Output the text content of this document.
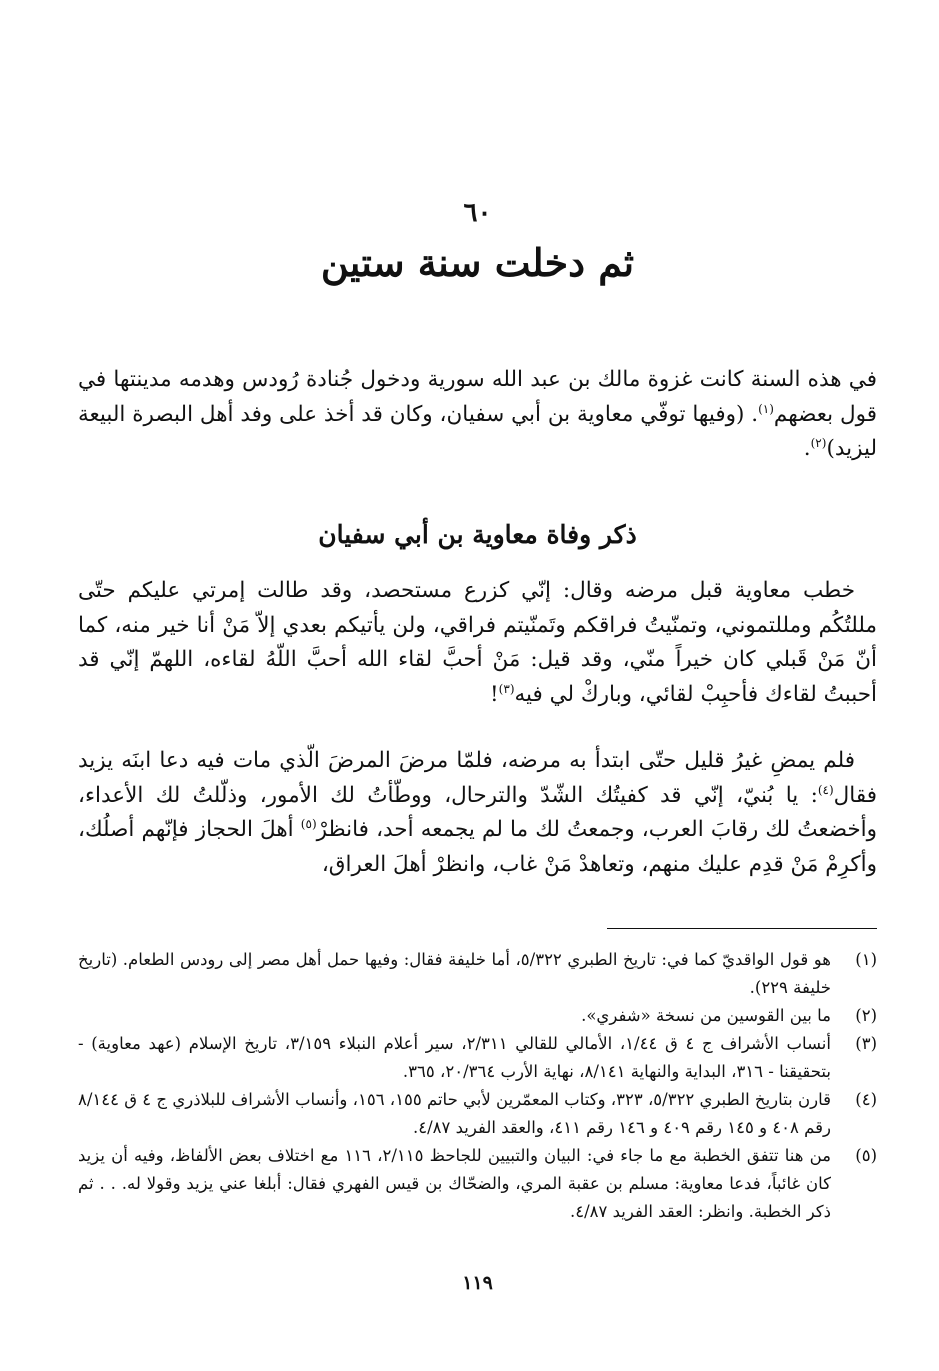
٦٠
ثم دخلت سنة ستين

في هذه السنة كانت غزوة مالك بن عبد الله سورية ودخول جُنادة رُودس وهدمه مدينتها في قول بعضهم$^{(١)}$. (وفيها توفّي معاوية بن أبي سفيان، وكان قد أخذ على وفد أهل البصرة البيعة ليزيد)$^{(٢)}$.

ذكر وفاة معاوية بن أبي سفيان

خطب معاوية قبل مرضه وقال: إنّي كزرع مستحصد، وقد طالت إمرتي عليكم حتّى مللتُكُم ومللتموني، وتمنّيتُ فراقكم وتَمنّيتم فراقي، ولن يأتيكم بعدي إلاّ مَنْ أنا خير منه، كما أنّ مَنْ قَبلي كان خيراً منّي، وقد قيل: مَنْ أحبَّ لقاء الله أحبَّ اللّهُ لقاءه، اللهمّ إنّي قد أحببتُ لقاءك فأحبِبْ لقائي، وباركْ لي فيه$^{(٣)}$!

فلم يمضِ غيرُ قليل حتّى ابتدأ به مرضه، فلمّا مرضَ المرضَ الّذي مات فيه دعا ابنَه يزيد فقال$^{(٤)}$: يا بُنيّ، إنّي قد كفيتُك الشّدّ والترحال، ووطّأتُ لك الأمور، وذلّلتُ لك الأعداء، وأخضعتُ لك رقابَ العرب، وجمعتُ لك ما لم يجمعه أحد، فانظرْ$^{(٥)}$ أهلَ الحجاز فإنّهم أصلُك، وأكرِمْ مَنْ قدِم عليك منهم، وتعاهدْ مَنْ غاب، وانظرْ أهلَ العراق،

(١)
هو قول الواقديّ كما في: تاريخ الطبري ٥/٣٢٢، أما خليفة فقال: وفيها حمل أهل مصر إلى رودس الطعام. (تاريخ خليفة ٢٢٩).
(٢)
ما بين القوسين من نسخة «شفري».
(٣)
أنساب الأشراف ج ٤ ق ١/٤٤، الأمالي للقالي ٢/٣١١، سير أعلام النبلاء ٣/١٥٩، تاريخ الإسلام (عهد معاوية) - بتحقيقنا - ٣١٦، البداية والنهاية ٨/١٤١، نهاية الأرب ٢٠/٣٦٤، ٣٦٥.
(٤)
قارن بتاريخ الطبري ٥/٣٢٢، ٣٢٣، وكتاب المعمّرين لأبي حاتم ١٥٥، ١٥٦، وأنساب الأشراف للبلاذري ج ٤ ق ٨/١٤٤ رقم ٤٠٨ و ١٤٥ رقم ٤٠٩ و ١٤٦ رقم ٤١١، والعقد الفريد ٤/٨٧.
(٥)
من هنا تتفق الخطبة مع ما جاء في: البيان والتبيين للجاحظ ٢/١١٥، ١١٦ مع اختلاف بعض الألفاظ، وفيه أن يزيد كان غائباً، فدعا معاوية: مسلم بن عقبة المري، والضحّاك بن قيس الفهري فقال: أبلغا عني يزيد وقولا له. . . ثم ذكر الخطبة. وانظر: العقد الفريد ٤/٨٧.
١١٩
